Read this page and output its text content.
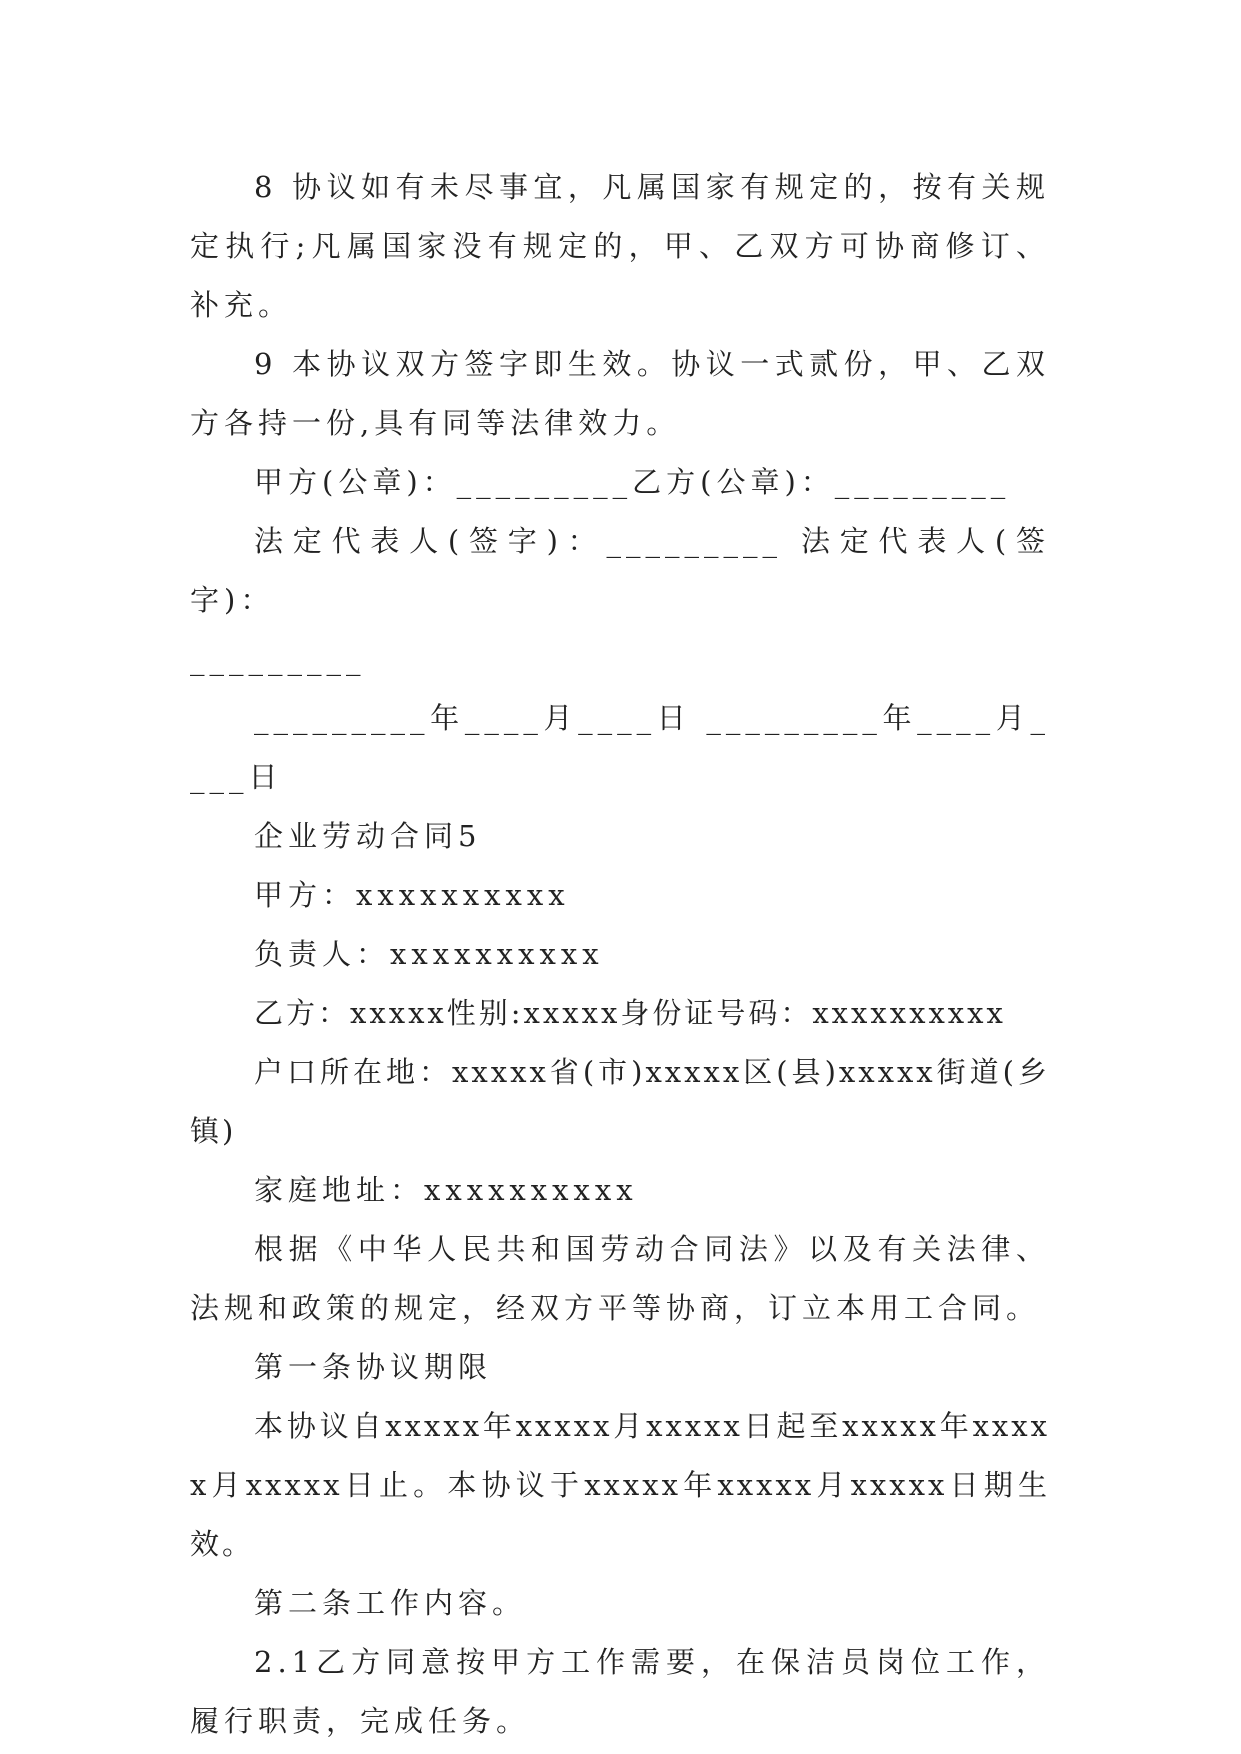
8 协议如有未尽事宜，凡属国家有规定的，按有关规定执行;凡属国家没有规定的，甲、乙双方可协商修订、补充。

9 本协议双方签字即生效。协议一式贰份，甲、乙双方各持一份,具有同等法律效力。

甲方(公章)：_________乙方(公章)：_________

法定代表人(签字)：_________ 法定代表人(签字)：

_________

_________年____月____日 _________年____月____日

企业劳动合同5

甲方：xxxxxxxxxx

负责人：xxxxxxxxxx

乙方：xxxxx性别:xxxxx身份证号码：xxxxxxxxxx

户口所在地：xxxxx省(市)xxxxx区(县)xxxxx街道(乡镇)

家庭地址：xxxxxxxxxx

根据《中华人民共和国劳动合同法》以及有关法律、法规和政策的规定，经双方平等协商，订立本用工合同。

第一条协议期限

本协议自xxxxx年xxxxx月xxxxx日起至xxxxx年xxxxx月xxxxx日止。本协议于xxxxx年xxxxx月xxxxx日期生效。

第二条工作内容。

2.1乙方同意按甲方工作需要，在保洁员岗位工作，履行职责，完成任务。
